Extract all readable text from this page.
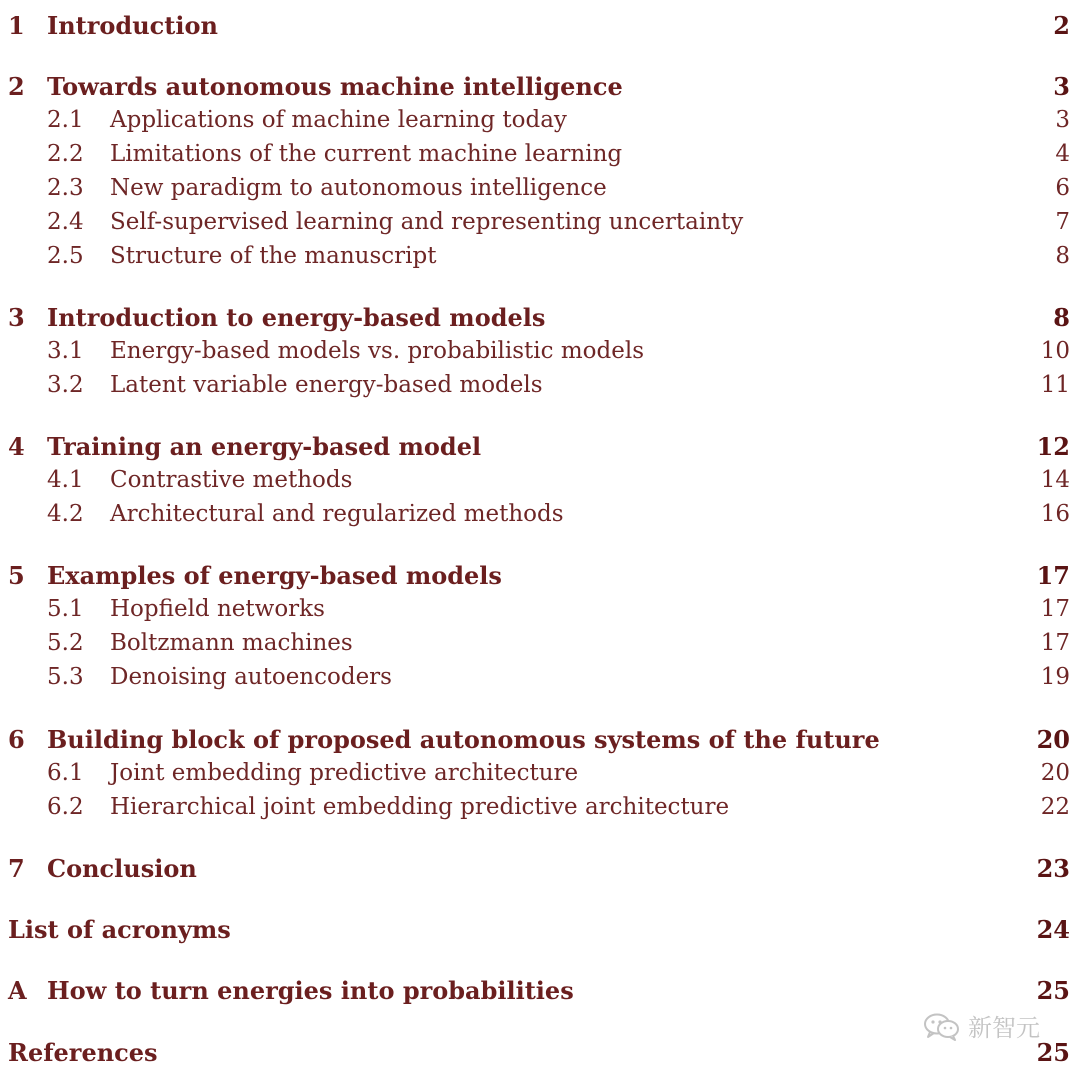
1 Introduction	2
2 Towards autonomous machine intelligence	3
2.1 Applications of machine learning today	3
2.2 Limitations of the current machine learning	4
2.3 New paradigm to autonomous intelligence	6
2.4 Self-supervised learning and representing uncertainty	7
2.5 Structure of the manuscript	8
3 Introduction to energy-based models	8
3.1 Energy-based models vs. probabilistic models	10
3.2 Latent variable energy-based models	11
4 Training an energy-based model	12
4.1 Contrastive methods	14
4.2 Architectural and regularized methods	16
5 Examples of energy-based models	17
5.1 Hopfield networks	17
5.2 Boltzmann machines	17
5.3 Denoising autoencoders	19
6 Building block of proposed autonomous systems of the future	20
6.1 Joint embedding predictive architecture	20
6.2 Hierarchical joint embedding predictive architecture	22
7 Conclusion	23
List of acronyms	24
A How to turn energies into probabilities	25
References	25
新智元
